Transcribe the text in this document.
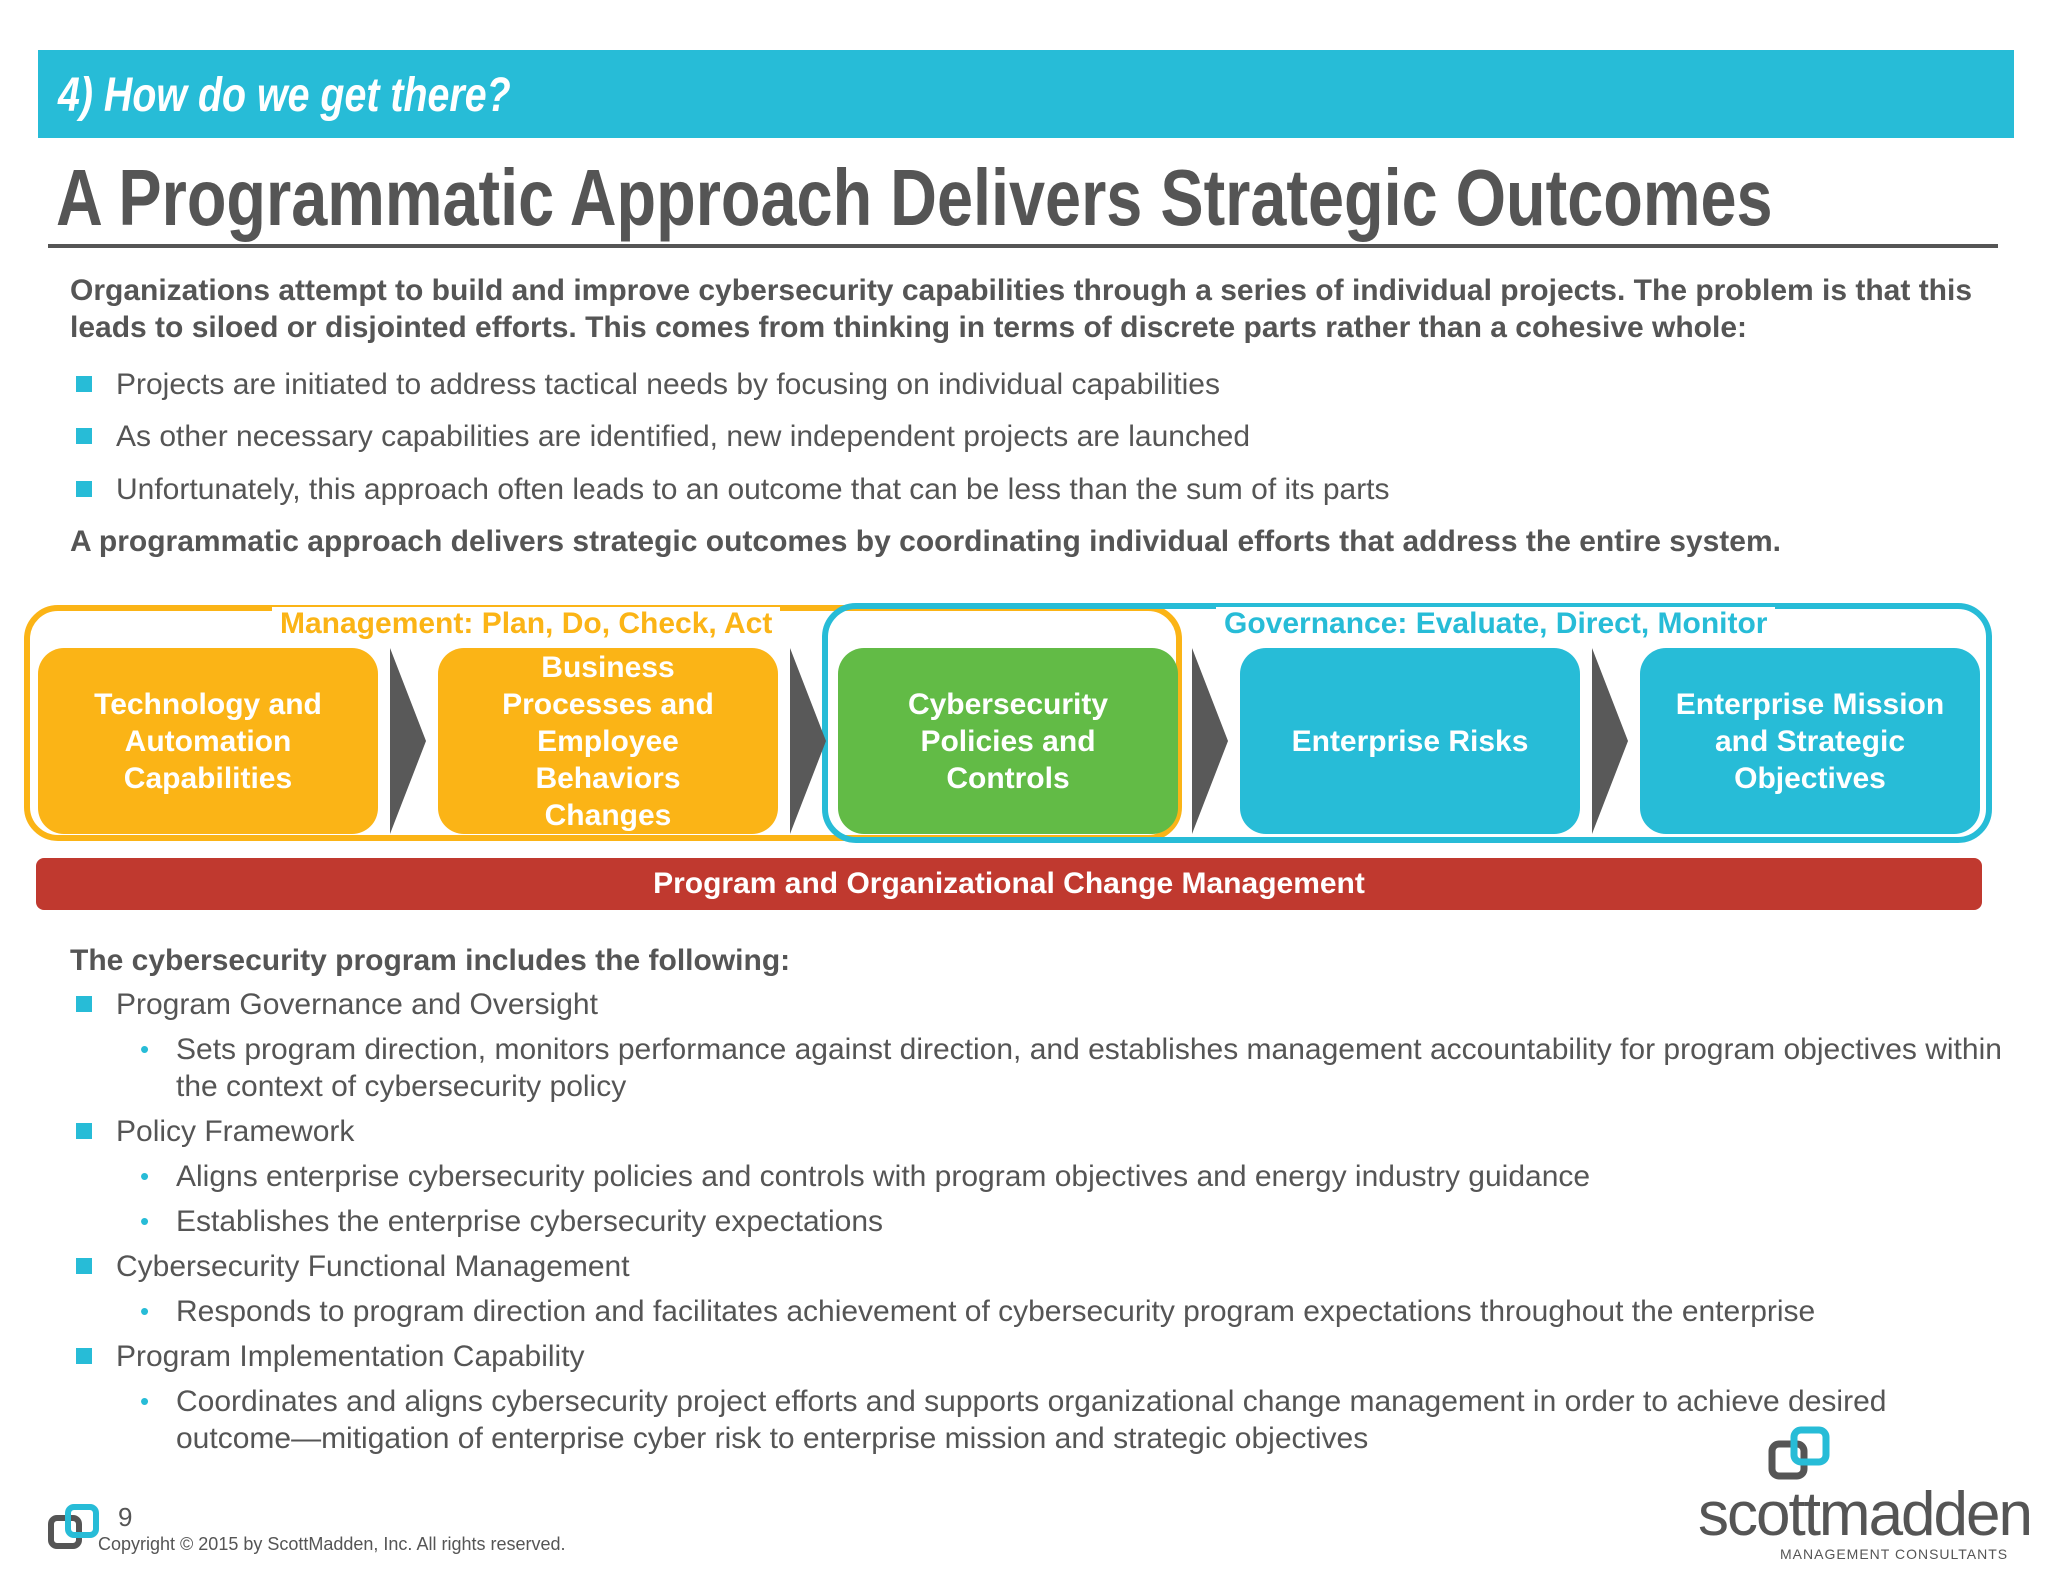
4) How do we get there?
A Programmatic Approach Delivers Strategic Outcomes
Organizations attempt to build and improve cybersecurity capabilities through a series of individual projects. The problem is that this leads to siloed or disjointed efforts. This comes from thinking in terms of discrete parts rather than a cohesive whole:
Projects are initiated to address tactical needs by focusing on individual capabilities
As other necessary capabilities are identified, new independent projects are launched
Unfortunately, this approach often leads to an outcome that can be less than the sum of its parts
A programmatic approach delivers strategic outcomes by coordinating individual efforts that address the entire system.
Management: Plan, Do, Check, Act	Governance: Evaluate, Direct, Monitor
Technology and
Automation
Capabilities
Business
Processes and
Employee
Behaviors
Changes
Cybersecurity
Policies and
Controls
Enterprise Risks
Enterprise Mission
and Strategic
Objectives
Program and Organizational Change Management
The cybersecurity program includes the following:
Program Governance and Oversight
• Sets program direction, monitors performance against direction, and establishes management accountability for program objectives within the context of cybersecurity policy
Policy Framework
• Aligns enterprise cybersecurity policies and controls with program objectives and energy industry guidance
• Establishes the enterprise cybersecurity expectations
Cybersecurity Functional Management
• Responds to program direction and facilitates achievement of cybersecurity program expectations throughout the enterprise
Program Implementation Capability
• Coordinates and aligns cybersecurity project efforts and supports organizational change management in order to achieve desired outcome—mitigation of enterprise cyber risk to enterprise mission and strategic objectives
9
Copyright © 2015 by ScottMadden, Inc. All rights reserved.	scottmadden
MANAGEMENT CONSULTANTS
